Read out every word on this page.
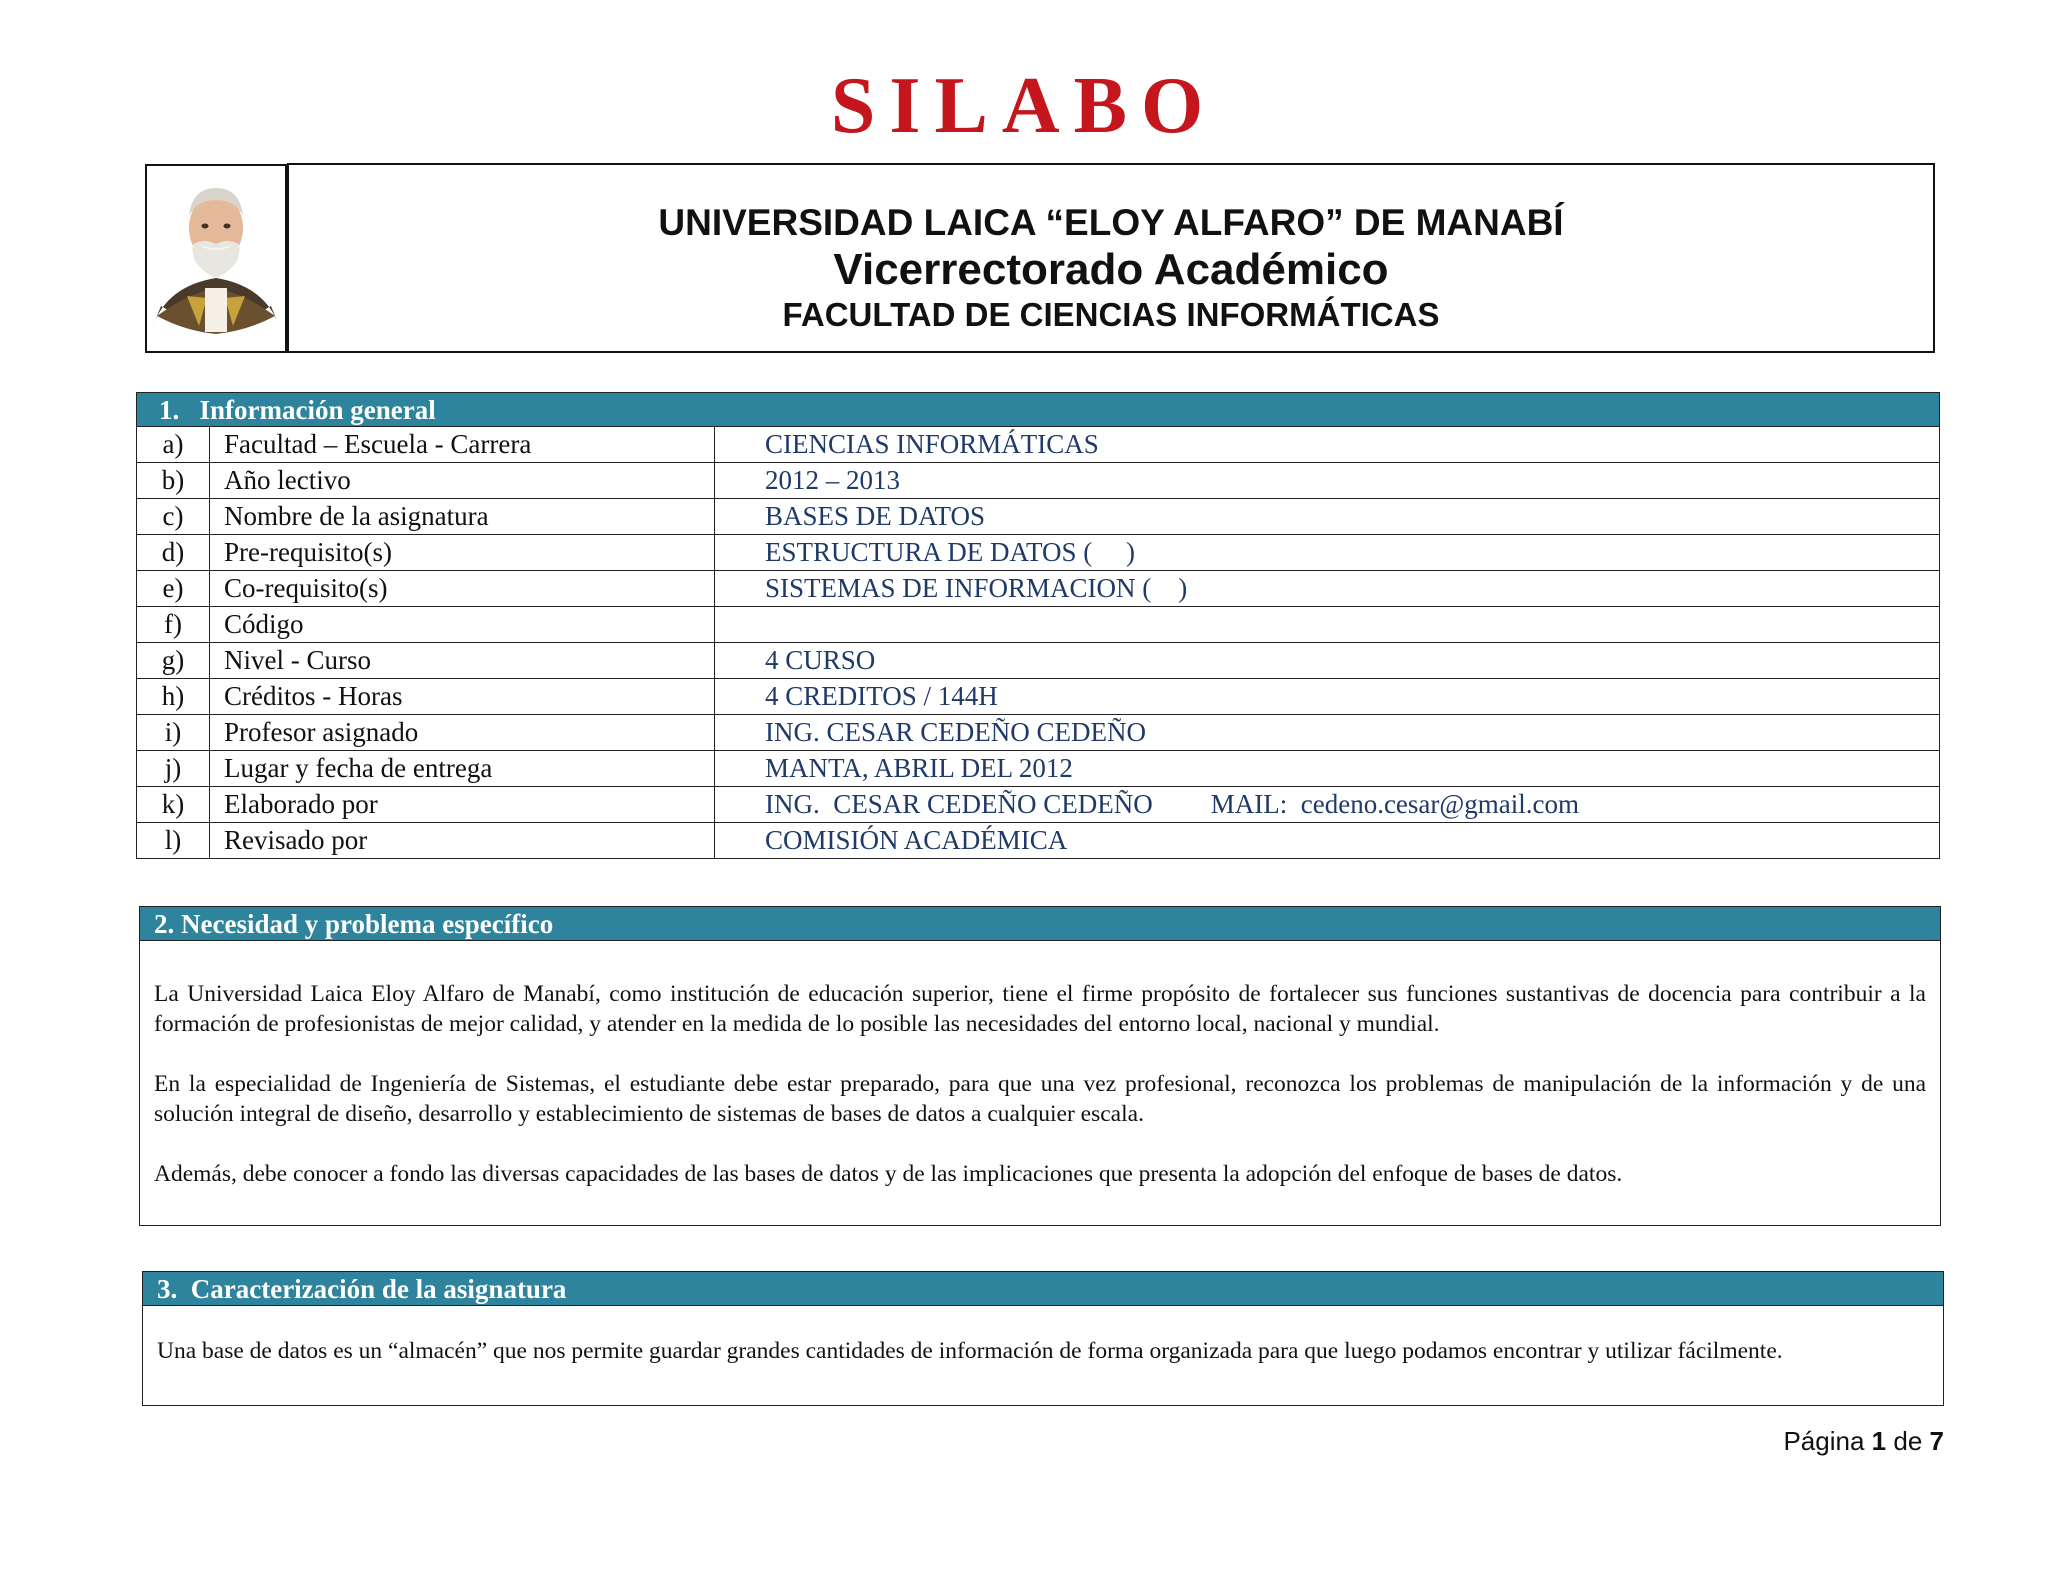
SILABO
UNIVERSIDAD LAICA “ELOY ALFARO” DE MANABÍ
Vicerrectorado Académico
FACULTAD DE CIENCIAS INFORMÁTICAS
1.   Información general
a)	Facultad – Escuela - Carrera	CIENCIAS INFORMÁTICAS
b)	Año lectivo	2012 – 2013
c)	Nombre de la asignatura	BASES DE DATOS
d)	Pre-requisito(s)	ESTRUCTURA DE DATOS (     )
e)	Co-requisito(s)	SISTEMAS DE INFORMACION (    )
f)	Código	
g)	Nivel - Curso	4 CURSO
h)	Créditos - Horas	4 CREDITOS / 144H
i)	Profesor asignado	ING. CESAR CEDEÑO CEDEÑO
j)	Lugar y fecha de entrega	MANTA, ABRIL DEL 2012
k)	Elaborado por	ING.  CESAR CEDEÑO CEDEÑO MAIL:  cedeno.cesar@gmail.com
l)	Revisado por	COMISIÓN ACADÉMICA
2. Necesidad y problema específico

La Universidad Laica Eloy Alfaro de Manabí, como institución de educación superior, tiene el firme propósito de fortalecer sus funciones sustantivas de docencia para contribuir a la formación de profesionistas de mejor calidad, y atender en la medida de lo posible las necesidades del entorno local, nacional y mundial.

En la especialidad de Ingeniería de Sistemas, el estudiante debe estar preparado, para que una vez profesional, reconozca los problemas de manipulación de la información y de una solución integral de diseño, desarrollo y establecimiento de sistemas de bases de datos a cualquier escala.

Además, debe conocer a fondo las diversas capacidades de las bases de datos y de las implicaciones que presenta la adopción del enfoque de bases de datos.

3.  Caracterización de la asignatura

Una base de datos es un “almacén” que nos permite guardar grandes cantidades de información de forma organizada para que luego podamos encontrar y utilizar fácilmente.

Página 1 de 7
